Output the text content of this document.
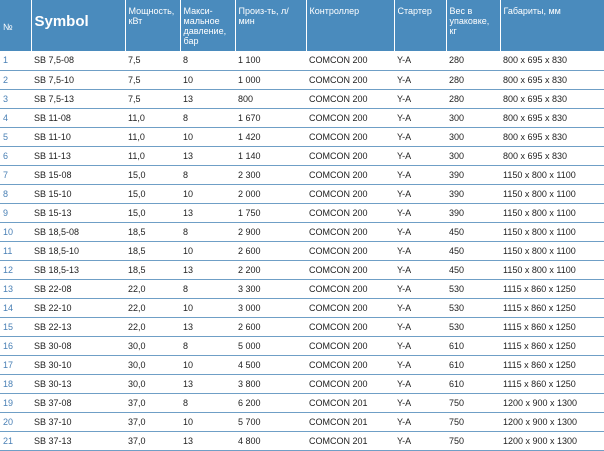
№	Symbol	Мощность, кВт	Макси-мальное давление, бар	Произ-ть, л/мин	Контроллер	Стартер	Вес в упаковке, кг	Габариты, мм
1	SB 7,5-08	7,5	8	1 100	COMCON 200	Y-A	280	800 x 695 x 830
2	SB 7,5-10	7,5	10	1 000	COMCON 200	Y-A	280	800 x 695 x 830
3	SB 7,5-13	7,5	13	800	COMCON 200	Y-A	280	800 x 695 x 830
4	SB 11-08	11,0	8	1 670	COMCON 200	Y-A	300	800 x 695 x 830
5	SB 11-10	11,0	10	1 420	COMCON 200	Y-A	300	800 x 695 x 830
6	SB 11-13	11,0	13	1 140	COMCON 200	Y-A	300	800 x 695 x 830
7	SB 15-08	15,0	8	2 300	COMCON 200	Y-A	390	1150 x 800 x 1100
8	SB 15-10	15,0	10	2 000	COMCON 200	Y-A	390	1150 x 800 x 1100
9	SB 15-13	15,0	13	1 750	COMCON 200	Y-A	390	1150 x 800 x 1100
10	SB 18,5-08	18,5	8	2 900	COMCON 200	Y-A	450	1150 x 800 x 1100
11	SB 18,5-10	18,5	10	2 600	COMCON 200	Y-A	450	1150 x 800 x 1100
12	SB 18,5-13	18,5	13	2 200	COMCON 200	Y-A	450	1150 x 800 x 1100
13	SB 22-08	22,0	8	3 300	COMCON 200	Y-A	530	1115 x 860 x 1250
14	SB 22-10	22,0	10	3 000	COMCON 200	Y-A	530	1115 x 860 x 1250
15	SB 22-13	22,0	13	2 600	COMCON 200	Y-A	530	1115 x 860 x 1250
16	SB 30-08	30,0	8	5 000	COMCON 200	Y-A	610	1115 x 860 x 1250
17	SB 30-10	30,0	10	4 500	COMCON 200	Y-A	610	1115 x 860 x 1250
18	SB 30-13	30,0	13	3 800	COMCON 200	Y-A	610	1115 x 860 x 1250
19	SB 37-08	37,0	8	6 200	COMCON 201	Y-A	750	1200 x 900 x 1300
20	SB 37-10	37,0	10	5 700	COMCON 201	Y-A	750	1200 x 900 x 1300
21	SB 37-13	37,0	13	4 800	COMCON 201	Y-A	750	1200 x 900 x 1300
